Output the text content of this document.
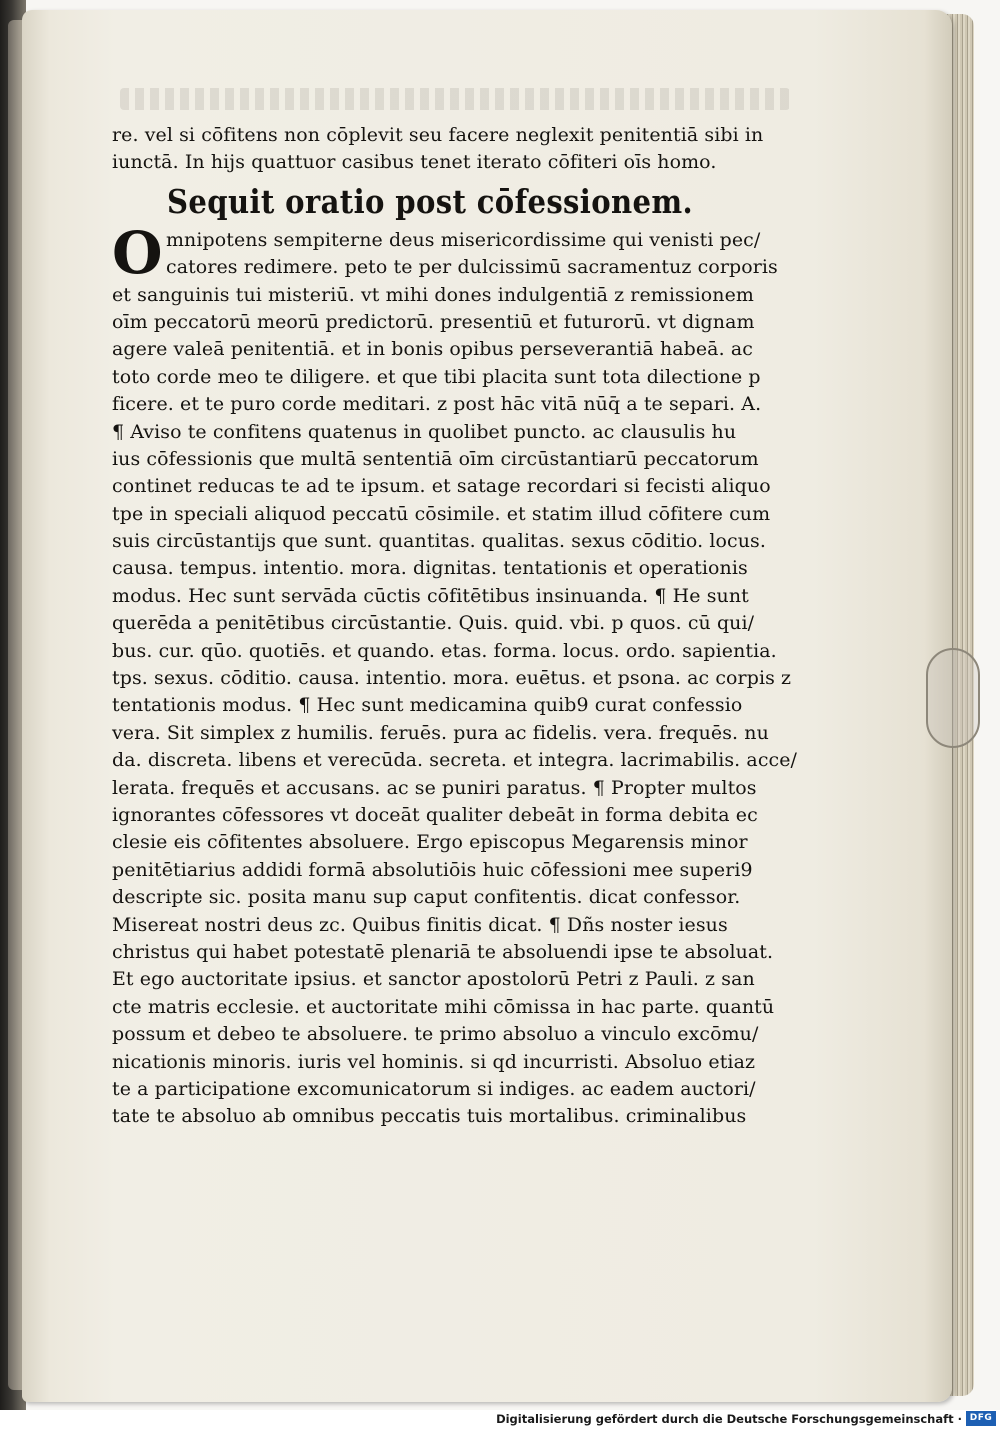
re. vel si cōfitens non cōplevit seu facere neglexit penitentiā sibi in
iunctā. In hijs quattuor casibus tenet iterato cōfiteri oīs homo.
Sequit oratio post cōfessionem.
O mnipotens sempiterne deus misericordissime qui venisti pec/
catores redimere. peto te per dulcissimū sacramentuz corporis
et sanguinis tui misteriū. vt mihi dones indulgentiā z remissionem
oīm peccatorū meorū predictorū. presentiū et futurorū. vt dignam
agere valeā penitentiā. et in bonis opibus perseverantiā habeā. ac
toto corde meo te diligere. et que tibi placita sunt tota dilectione p
ficere. et te puro corde meditari. z post hāc vitā nūq̄ a te separi. A.
¶ Aviso te confitens quatenus in quolibet puncto. ac clausulis hu
ius cōfessionis que multā sententiā oīm circūstantiarū peccatorum
continet reducas te ad te ipsum. et satage recordari si fecisti aliquo
tpe in speciali aliquod peccatū cōsimile. et statim illud cōfitere cum
suis circūstantijs que sunt. quantitas. qualitas. sexus cōditio. locus.
causa. tempus. intentio. mora. dignitas. tentationis et operationis
modus. Hec sunt servāda cūctis cōfitētibus insinuanda. ¶ He sunt
querēda a penitētibus circūstantie. Quis. quid. vbi. p quos. cū qui/
bus. cur. qūo. quotiēs. et quando. etas. forma. locus. ordo. sapientia.
tps. sexus. cōditio. causa. intentio. mora. euētus. et psona. ac corpis z
tentationis modus. ¶ Hec sunt medicamina quib9 curat confessio
vera. Sit simplex z humilis. feruēs. pura ac fidelis. vera. frequēs. nu
da. discreta. libens et verecūda. secreta. et integra. lacrimabilis. acce/
lerata. frequēs et accusans. ac se puniri paratus. ¶ Propter multos
ignorantes cōfessores vt doceāt qualiter debeāt in forma debita ec
clesie eis cōfitentes absoluere. Ergo episcopus Megarensis minor
penitētiarius addidi formā absolutiōis huic cōfessioni mee superi9
descripte sic. posita manu sup caput confitentis. dicat confessor.
Misereat nostri deus zc. Quibus finitis dicat. ¶ Dñs noster iesus
christus qui habet potestatē plenariā te absoluendi ipse te absoluat.
Et ego auctoritate ipsius. et sanctor apostolorū Petri z Pauli. z san
cte matris ecclesie. et auctoritate mihi cōmissa in hac parte. quantū
possum et debeo te absoluere. te primo absoluo a vinculo excōmu/
nicationis minoris. iuris vel hominis. si qd incurristi. Absoluo etiaz
te a participatione excomunicatorum si indiges. ac eadem auctori/
tate te absoluo ab omnibus peccatis tuis mortalibus. criminalibus
Digitalisierung gefördert durch die Deutsche Forschungsgemeinschaft · DFG
